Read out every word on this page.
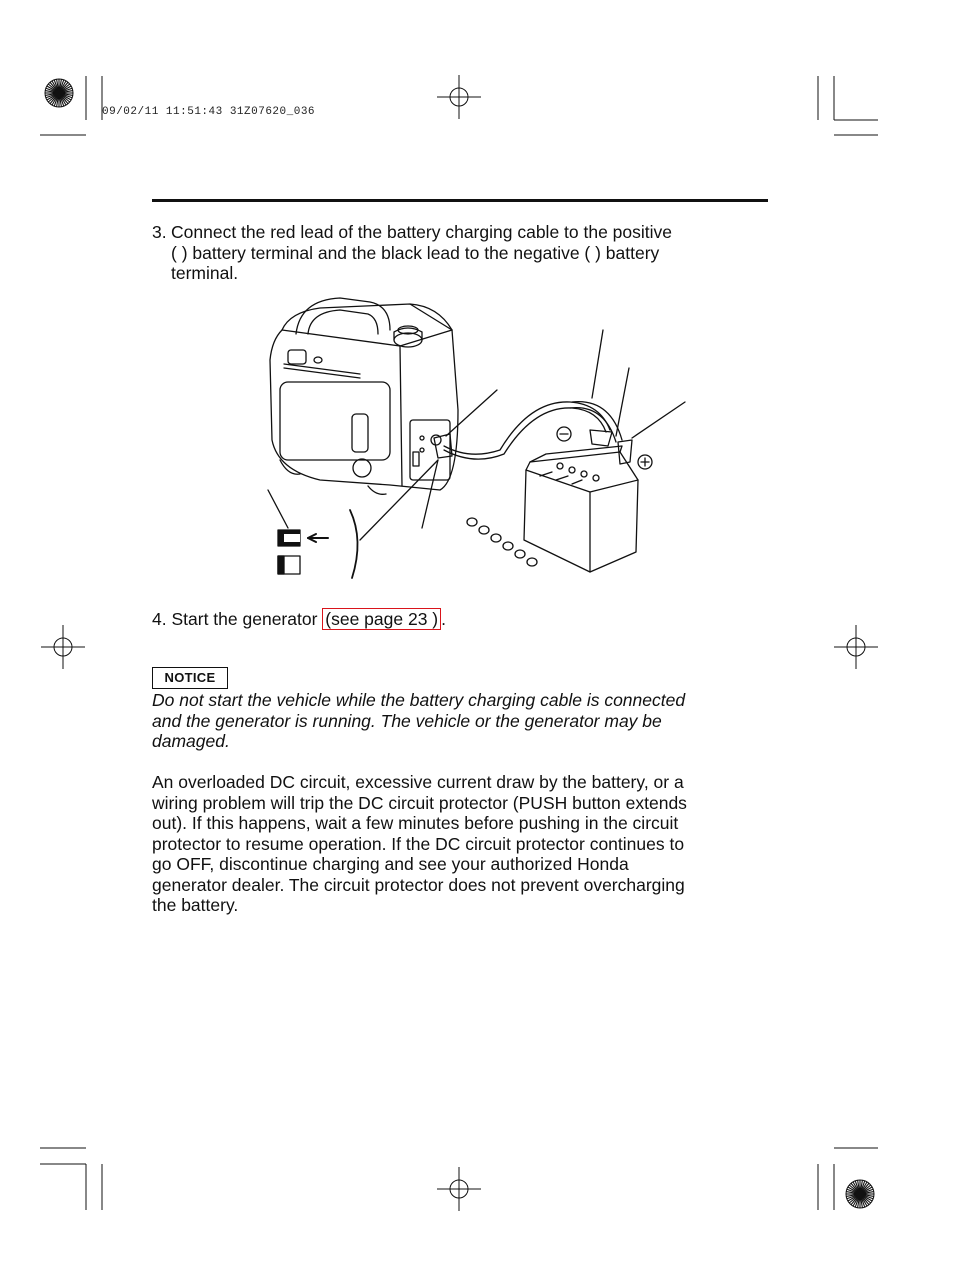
09/02/11 11:51:43 31Z07620_036
3. Connect the red lead of the battery charging cable to the positive
( ) battery terminal and the black lead to the negative ( ) battery
terminal.
4. Start the generator (see page 23 ) .
NOTICE
Do not start the vehicle while the battery charging cable is connected
and the generator is running. The vehicle or the generator may be
damaged.
An overloaded DC circuit, excessive current draw by the battery, or a
wiring problem will trip the DC circuit protector (PUSH button extends
out). If this happens, wait a few minutes before pushing in the circuit
protector to resume operation. If the DC circuit protector continues to
go OFF, discontinue charging and see your authorized Honda
generator dealer. The circuit protector does not prevent overcharging
the battery.
